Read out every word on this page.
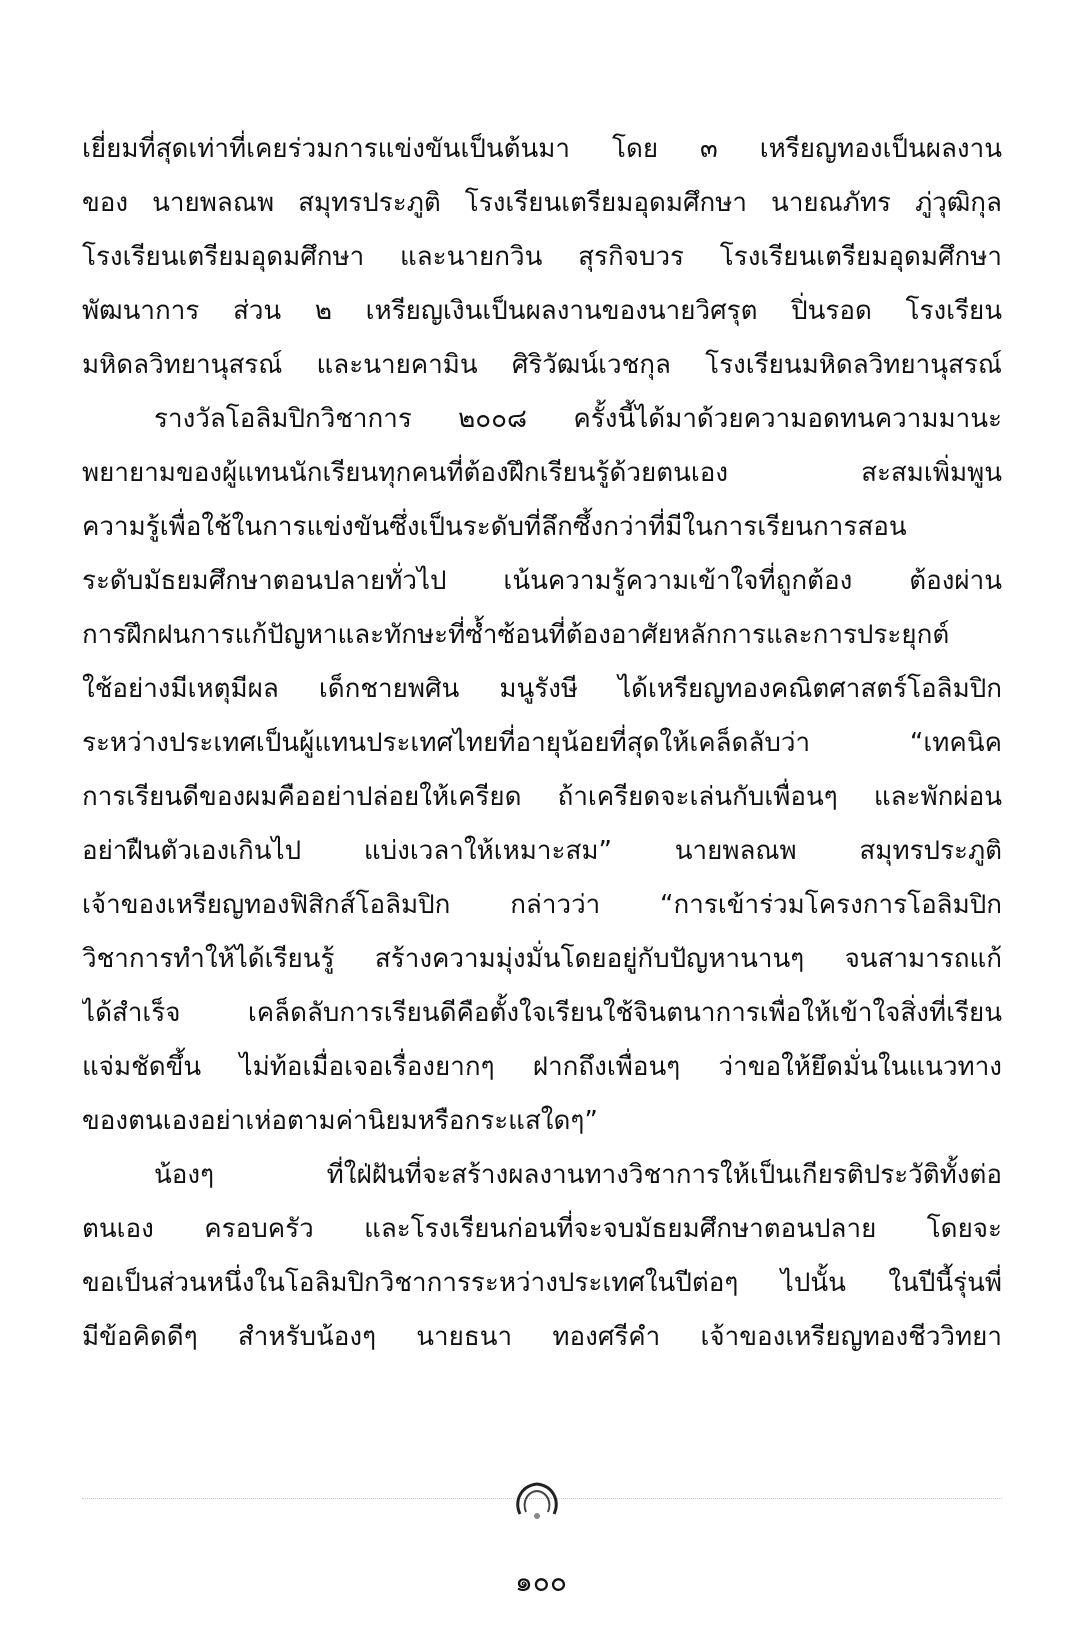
เยี่ยมที่สุดเท่าที่เคยร่วมการแข่งขันเป็นต้นมา โดย ๓ เหรียญทองเป็นผลงาน
ของ นายพลณพ สมุทรประภูติ โรงเรียนเตรียมอุดมศึกษา นายณภัทร ภู่วุฒิกุล
โรงเรียนเตรียมอุดมศึกษา และนายกวิน สุรกิจบวร โรงเรียนเตรียมอุดมศึกษา
พัฒนาการ ส่วน ๒ เหรียญเงินเป็นผลงานของนายวิศรุต ปิ่นรอด โรงเรียน
มหิดลวิทยานุสรณ์ และนายคามิน ศิริวัฒน์เวชกุล โรงเรียนมหิดลวิทยานุสรณ์
รางวัลโอลิมปิกวิชาการ ๒๐๐๘ ครั้งนี้ได้มาด้วยความอดทนความมานะ
พยายามของผู้แทนนักเรียนทุกคนที่ต้องฝึกเรียนรู้ด้วยตนเอง สะสมเพิ่มพูน
ความรู้เพื่อใช้ในการแข่งขันซึ่งเป็นระดับที่ลึกซึ้งกว่าที่มีในการเรียนการสอน
ระดับมัธยมศึกษาตอนปลายทั่วไป เน้นความรู้ความเข้าใจที่ถูกต้อง ต้องผ่าน
การฝึกฝนการแก้ปัญหาและทักษะที่ซ้ำซ้อนที่ต้องอาศัยหลักการและการประยุกต์
ใช้อย่างมีเหตุมีผล เด็กชายพศิน มนูรังษี ได้เหรียญทองคณิตศาสตร์โอลิมปิก
ระหว่างประเทศเป็นผู้แทนประเทศไทยที่อายุน้อยที่สุดให้เคล็ดลับว่า “เทคนิค
การเรียนดีของผมคืออย่าปล่อยให้เครียด ถ้าเครียดจะเล่นกับเพื่อนๆ และพักผ่อน
อย่าฝืนตัวเองเกินไป แบ่งเวลาให้เหมาะสม” นายพลณพ สมุทรประภูติ
เจ้าของเหรียญทองฟิสิกส์โอลิมปิก กล่าวว่า “การเข้าร่วมโครงการโอลิมปิก
วิชาการทำให้ได้เรียนรู้ สร้างความมุ่งมั่นโดยอยู่กับปัญหานานๆ จนสามารถแก้
ได้สำเร็จ เคล็ดลับการเรียนดีคือตั้งใจเรียนใช้จินตนาการเพื่อให้เข้าใจสิ่งที่เรียน
แจ่มชัดขึ้น ไม่ท้อเมื่อเจอเรื่องยากๆ ฝากถึงเพื่อนๆ ว่าขอให้ยึดมั่นในแนวทาง
ของตนเองอย่าเห่อตามค่านิยมหรือกระแสใดๆ”
น้องๆ ที่ใฝ่ฝันที่จะสร้างผลงานทางวิชาการให้เป็นเกียรติประวัติทั้งต่อ
ตนเอง ครอบครัว และโรงเรียนก่อนที่จะจบมัธยมศึกษาตอนปลาย โดยจะ
ขอเป็นส่วนหนึ่งในโอลิมปิกวิชาการระหว่างประเทศในปีต่อๆ ไปนั้น ในปีนี้รุ่นพี่
มีข้อคิดดีๆ สำหรับน้องๆ นายธนา ทองศรีคำ เจ้าของเหรียญทองชีววิทยา
๑๐๐
